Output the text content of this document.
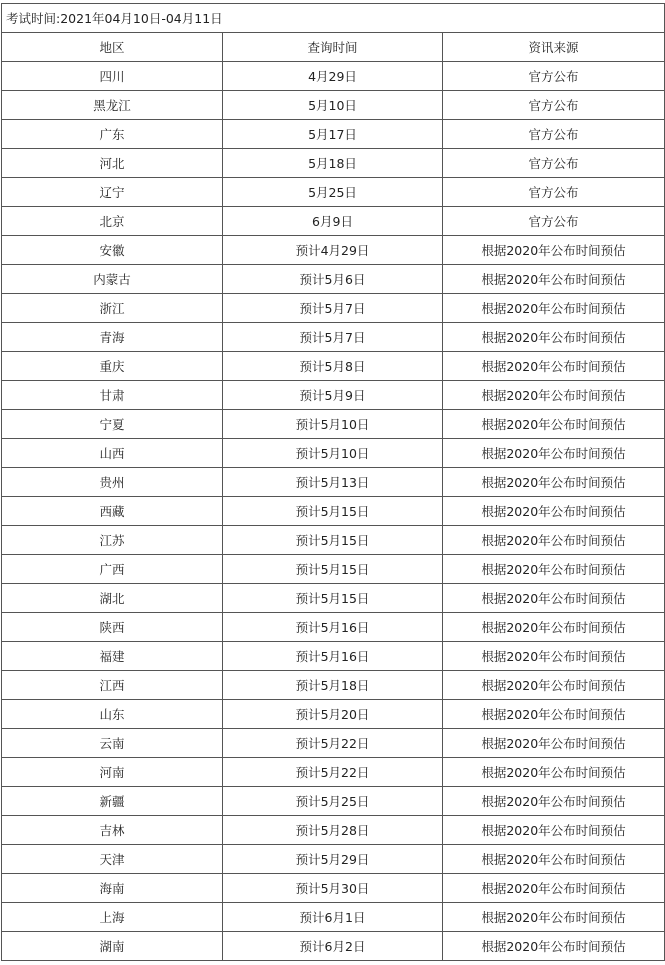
考试时间:2021年04月10日-04月11日		
地区	查询时间	资讯来源
四川	4月29日	官方公布
黑龙江	5月10日	官方公布
广东	5月17日	官方公布
河北	5月18日	官方公布
辽宁	5月25日	官方公布
北京	6月9日	官方公布
安徽	预计4月29日	根据2020年公布时间预估
内蒙古	预计5月6日	根据2020年公布时间预估
浙江	预计5月7日	根据2020年公布时间预估
青海	预计5月7日	根据2020年公布时间预估
重庆	预计5月8日	根据2020年公布时间预估
甘肃	预计5月9日	根据2020年公布时间预估
宁夏	预计5月10日	根据2020年公布时间预估
山西	预计5月10日	根据2020年公布时间预估
贵州	预计5月13日	根据2020年公布时间预估
西藏	预计5月15日	根据2020年公布时间预估
江苏	预计5月15日	根据2020年公布时间预估
广西	预计5月15日	根据2020年公布时间预估
湖北	预计5月15日	根据2020年公布时间预估
陕西	预计5月16日	根据2020年公布时间预估
福建	预计5月16日	根据2020年公布时间预估
江西	预计5月18日	根据2020年公布时间预估
山东	预计5月20日	根据2020年公布时间预估
云南	预计5月22日	根据2020年公布时间预估
河南	预计5月22日	根据2020年公布时间预估
新疆	预计5月25日	根据2020年公布时间预估
吉林	预计5月28日	根据2020年公布时间预估
天津	预计5月29日	根据2020年公布时间预估
海南	预计5月30日	根据2020年公布时间预估
上海	预计6月1日	根据2020年公布时间预估
湖南	预计6月2日	根据2020年公布时间预估
